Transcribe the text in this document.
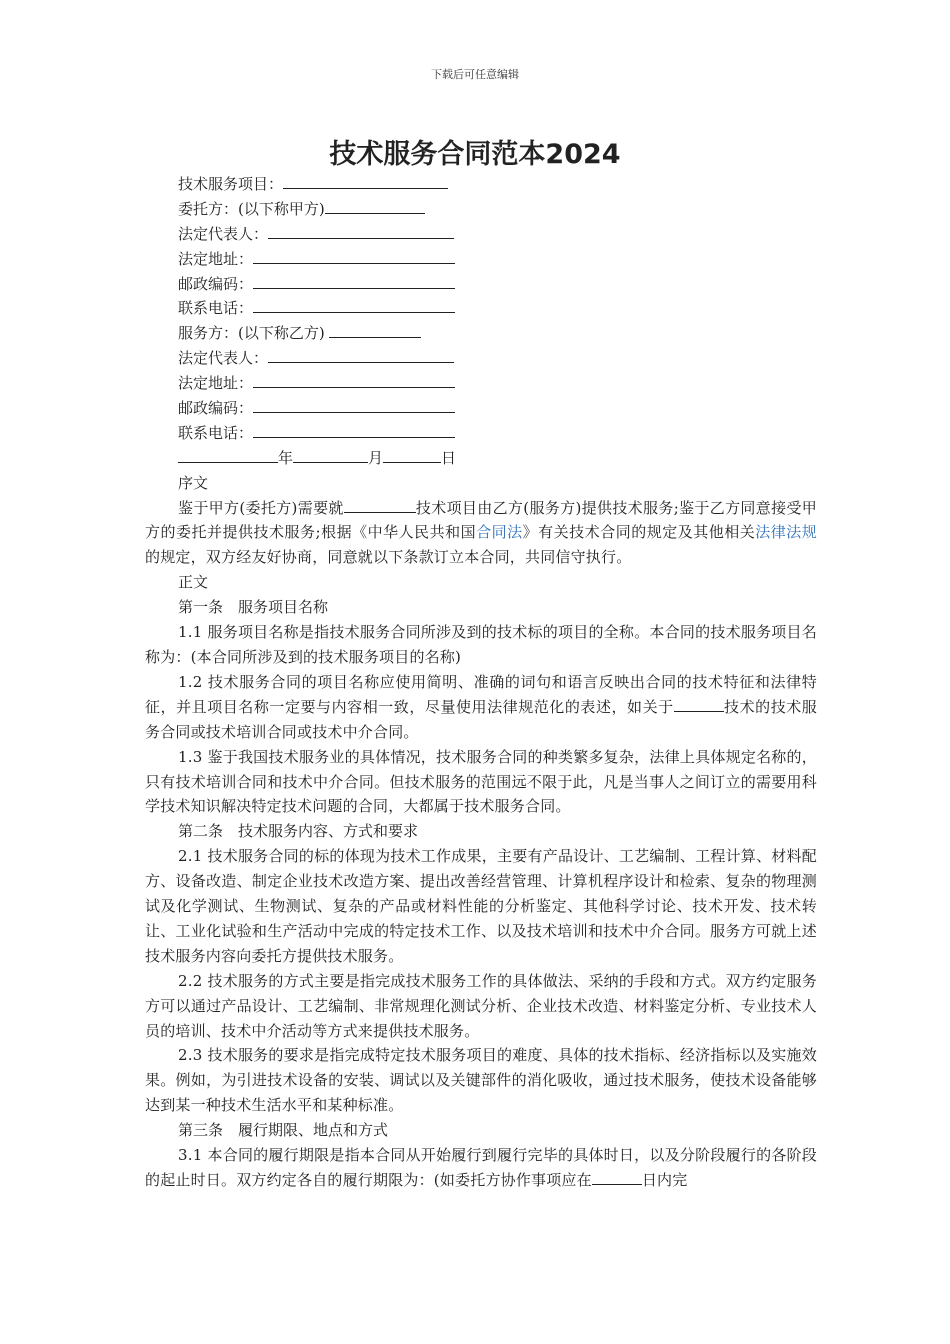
下载后可任意编辑
技术服务合同范本2024
技术服务项目：
委托方：(以下称甲方)
法定代表人：
法定地址：
邮政编码：
联系电话：
服务方：(以下称乙方)
法定代表人：
法定地址：
邮政编码：
联系电话：
年	月	日
序文

鉴于甲方(委托方)需要就	技术项目由乙方(服务方)提供技术服务;鉴于乙方同意接受甲方的委托并提供技术服务;根据《中华人民共和国合同法》有关技术合同的规定及其他相关法律法规的规定，双方经友好协商，同意就以下条款订立本合同，共同信守执行。

正文
第一条　服务项目名称

1.1 服务项目名称是指技术服务合同所涉及到的技术标的项目的全称。本合同的技术服务项目名称为：(本合同所涉及到的技术服务项目的名称)

1.2 技术服务合同的项目名称应使用简明、准确的词句和语言反映出合同的技术特征和法律特征，并且项目名称一定要与内容相一致，尽量使用法律规范化的表述，如关于	技术的技术服务合同或技术培训合同或技术中介合同。

1.3 鉴于我国技术服务业的具体情况，技术服务合同的种类繁多复杂，法律上具体规定名称的，只有技术培训合同和技术中介合同。但技术服务的范围远不限于此，凡是当事人之间订立的需要用科学技术知识解决特定技术问题的合同，大都属于技术服务合同。

第二条　技术服务内容、方式和要求

2.1 技术服务合同的标的体现为技术工作成果，主要有产品设计、工艺编制、工程计算、材料配方、设备改造、制定企业技术改造方案、提出改善经营管理、计算机程序设计和检索、复杂的物理测试及化学测试、生物测试、复杂的产品或材料性能的分析鉴定、其他科学讨论、技术开发、技术转让、工业化试验和生产活动中完成的特定技术工作、以及技术培训和技术中介合同。服务方可就上述技术服务内容向委托方提供技术服务。

2.2 技术服务的方式主要是指完成技术服务工作的具体做法、采纳的手段和方式。双方约定服务方可以通过产品设计、工艺编制、非常规理化测试分析、企业技术改造、材料鉴定分析、专业技术人员的培训、技术中介活动等方式来提供技术服务。

2.3 技术服务的要求是指完成特定技术服务项目的难度、具体的技术指标、经济指标以及实施效果。例如，为引进技术设备的安装、调试以及关键部件的消化吸收，通过技术服务，使技术设备能够达到某一种技术生活水平和某种标准。

第三条　履行期限、地点和方式

3.1 本合同的履行期限是指本合同从开始履行到履行完毕的具体时日，以及分阶段履行的各阶段的起止时日。双方约定各自的履行期限为：(如委托方协作事项应在	日内完
